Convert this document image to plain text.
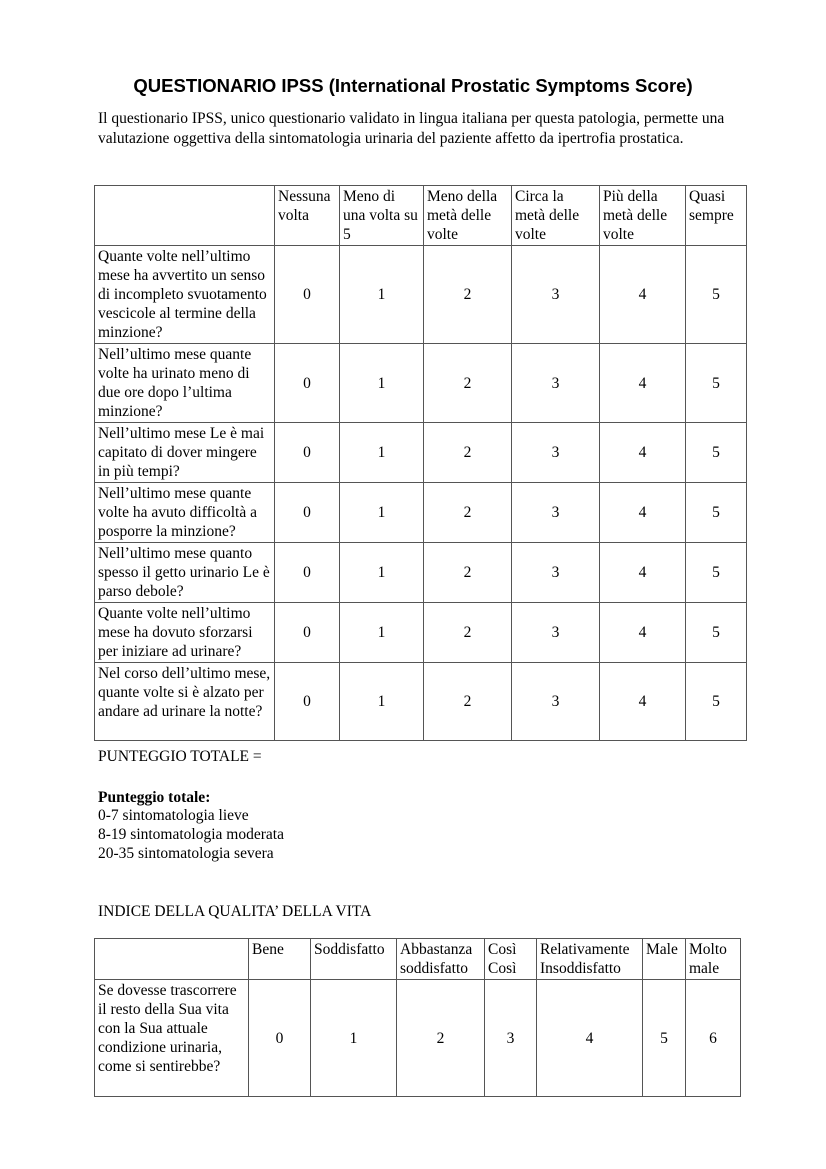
QUESTIONARIO IPSS (International Prostatic Symptoms Score)

Il questionario IPSS, unico questionario validato in lingua italiana per questa patologia, permette una valutazione oggettiva della sintomatologia urinaria del paziente affetto da ipertrofia prostatica.

	Nessuna volta	Meno di una volta su 5	Meno della metà delle volte	Circa la metà delle volte	Più della metà delle volte	Quasi sempre
Quante volte nell’ultimo mese ha avvertito un senso di incompleto svuotamento vescicole al termine della minzione?	0	1	2	3	4	5
Nell’ultimo mese quante volte ha urinato meno di due ore dopo l’ultima minzione?	0	1	2	3	4	5
Nell’ultimo mese Le è mai capitato di dover mingere in più tempi?	0	1	2	3	4	5
Nell’ultimo mese quante volte ha avuto difficoltà a posporre la minzione?	0	1	2	3	4	5
Nell’ultimo mese quanto spesso il getto urinario Le è parso debole?	0	1	2	3	4	5
Quante volte nell’ultimo mese ha dovuto sforzarsi per iniziare ad urinare?	0	1	2	3	4	5
Nel corso dell’ultimo mese, quante volte si è alzato per andare ad urinare la notte?	0	1	2	3	4	5
PUNTEGGIO TOTALE =
Punteggio totale:
0-7 sintomatologia lieve
8-19 sintomatologia moderata
20-35 sintomatologia severa
INDICE DELLA QUALITA’ DELLA VITA
	Bene	Soddisfatto	Abbastanza soddisfatto	Così Così	Relativamente Insoddisfatto	Male	Molto male
Se dovesse trascorrere il resto della Sua vita con la Sua attuale condizione urinaria, come si sentirebbe?	0	1	2	3	4	5	6
